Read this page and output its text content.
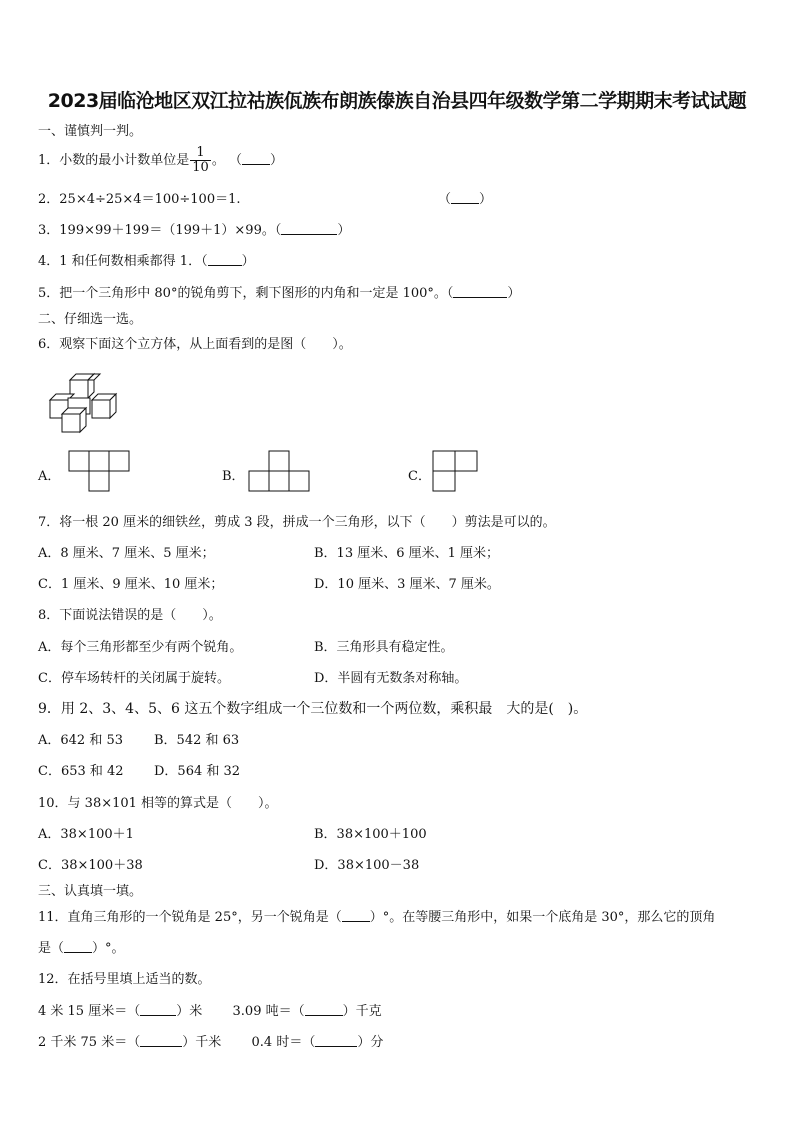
2023届临沧地区双江拉祜族佤族布朗族傣族自治县四年级数学第二学期期末考试试题
一、谨慎判一判。
1．小数的最小计数单位是 $\frac{1}{10}$ 。 （ ）
2．25×4÷25×4＝100÷100＝1.	（ ）
3．199×99＋199＝（199＋1）×99。（	）
4．1 和任何数相乘都得 1．（	）
5．把一个三角形中 80°的锐角剪下，剩下图形的内角和一定是 100°。（	）
二、仔细选一选。
6．观察下面这个立方体，从上面看到的是图（　　）。
A．	B．	C．
7．将一根 20 厘米的细铁丝，剪成 3 段，拼成一个三角形，以下（　　）剪法是可以的。
A．8 厘米、7 厘米、5 厘米；	B．13 厘米、6 厘米、1 厘米；
C．1 厘米、9 厘米、10 厘米；	D．10 厘米、3 厘米、7 厘米。
8．下面说法错误的是（　　）。
A．每个三角形都至少有两个锐角。	B．三角形具有稳定性。
C．停车场转杆的关闭属于旋转。	D．半圆有无数条对称轴。
9．用 2、3、4、5、6 这五个数字组成一个三位数和一个两位数，乘积最　大的是(　)。
A．642 和 53 B．542 和 63
C．653 和 42 D．564 和 32
10．与 38×101 相等的算式是（　　）。
A．38×100＋1	B．38×100＋100
C．38×100＋38	D．38×100－38
三、认真填一填。
11．直角三角形的一个锐角是 25°，另一个锐角是（ ）°。在等腰三角形中，如果一个底角是 30°，那么它的顶角
是（ ）°。
12．在括号里填上适当的数。
4 米 15 厘米＝（	）米 3.09 吨＝（	）千克
2 千米 75 米＝（	）千米 0.4 时＝（	）分
